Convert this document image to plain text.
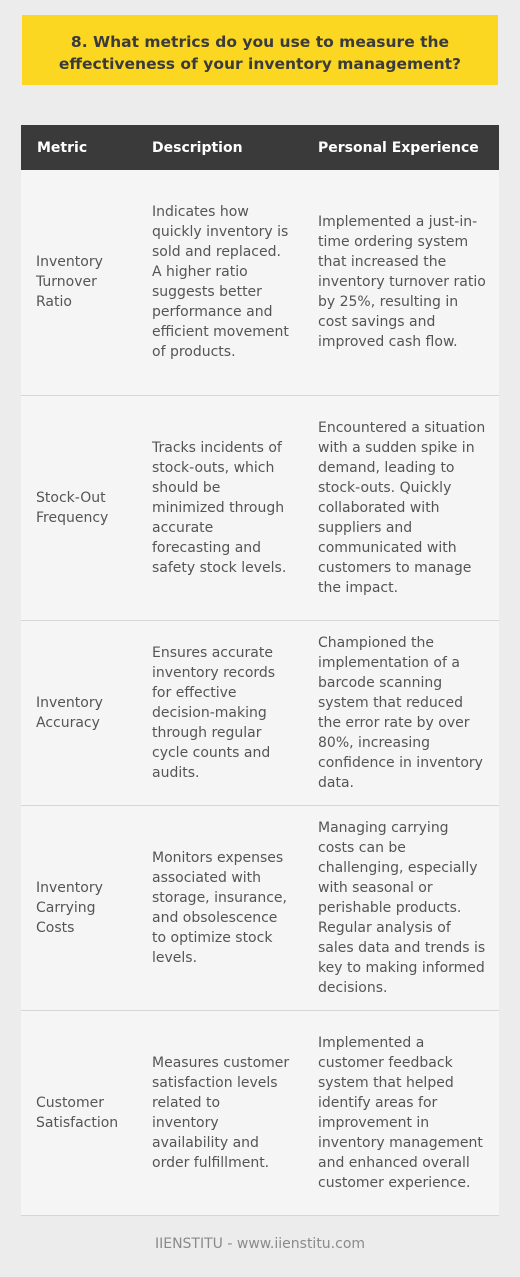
8. What metrics do you use to measure the effectiveness of your inventory management?
Metric	Description	Personal Experience
Inventory Turnover Ratio	Indicates how quickly inventory is sold and replaced. A higher ratio suggests better performance and efficient movement of products.	Implemented a just-in-time ordering system that increased the inventory turnover ratio by 25%, resulting in cost savings and improved cash flow.
Stock-Out Frequency	Tracks incidents of stock-outs, which should be minimized through accurate forecasting and safety stock levels.	Encountered a situation with a sudden spike in demand, leading to stock-outs. Quickly collaborated with suppliers and communicated with customers to manage the impact.
Inventory Accuracy	Ensures accurate inventory records for effective decision-making through regular cycle counts and audits.	Championed the implementation of a barcode scanning system that reduced the error rate by over 80%, increasing confidence in inventory data.
Inventory Carrying Costs	Monitors expenses associated with storage, insurance, and obsolescence to optimize stock levels.	Managing carrying costs can be challenging, especially with seasonal or perishable products. Regular analysis of sales data and trends is key to making informed decisions.
Customer Satisfaction	Measures customer satisfaction levels related to inventory availability and order fulfillment.	Implemented a customer feedback system that helped identify areas for improvement in inventory management and enhanced overall customer experience.
IIENSTITU - www.iienstitu.com
